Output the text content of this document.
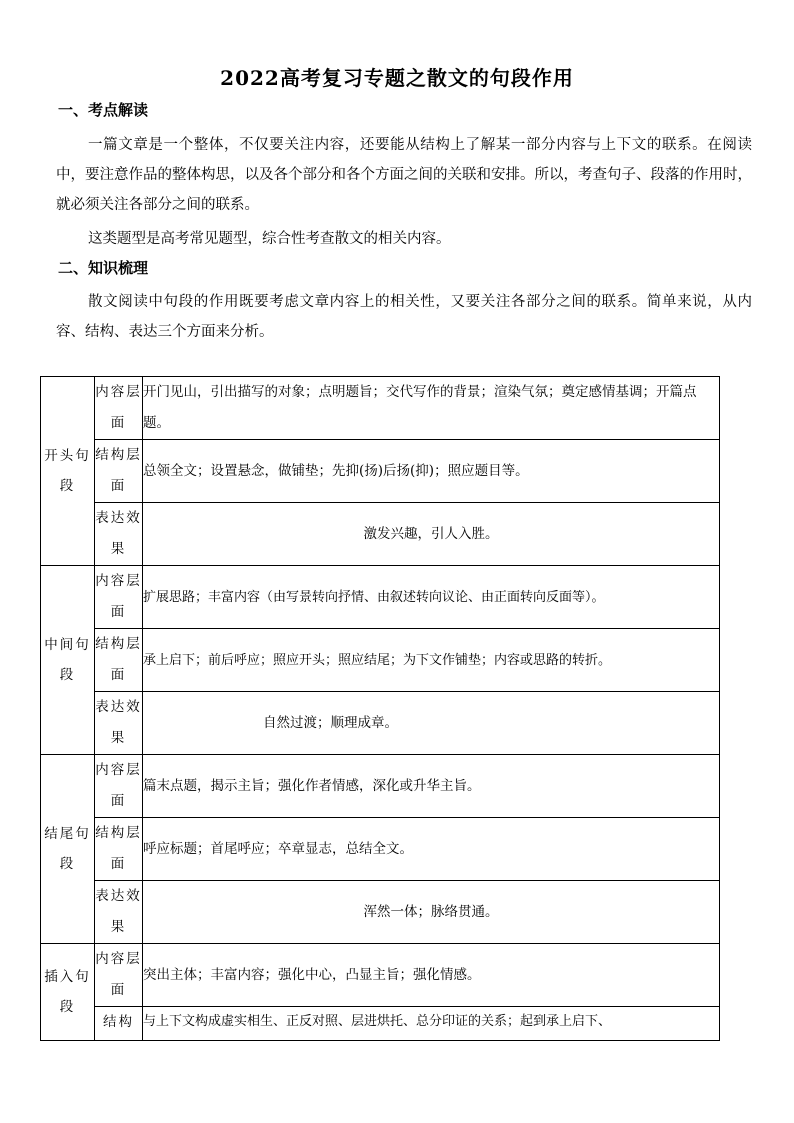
2022高考复习专题之散文的句段作用
一、考点解读
一篇文章是一个整体，不仅要关注内容，还要能从结构上了解某一部分内容与上下文的联系。在阅读中，要注意作品的整体构思，以及各个部分和各个方面之间的关联和安排。所以，考查句子、段落的作用时，就必须关注各部分之间的联系。
这类题型是高考常见题型，综合性考查散文的相关内容。
二、知识梳理
散文阅读中句段的作用既要考虑文章内容上的相关性，又要关注各部分之间的联系。简单来说，从内容、结构、表达三个方面来分析。
开头句段	内容层面	开门见山，引出描写的对象；点明题旨；交代写作的背景；渲染气氛；奠定感情基调；开篇点题。
	结构层面	总领全文；设置悬念，做铺垫；先抑(扬)后扬(抑)；照应题目等。
	表达效果	激发兴趣，引人入胜。
中间句段	内容层面	扩展思路；丰富内容（由写景转向抒情、由叙述转向议论、由正面转向反面等）。
	结构层面	承上启下；前后呼应；照应开头；照应结尾；为下文作铺垫；内容或思路的转折。
	表达效果	自然过渡；顺理成章。
结尾句段	内容层面	篇末点题，揭示主旨；强化作者情感，深化或升华主旨。
	结构层面	呼应标题；首尾呼应；卒章显志，总结全文。
	表达效果	浑然一体；脉络贯通。
插入句段	内容层面	突出主体；丰富内容；强化中心，凸显主旨；强化情感。
	结构	与上下文构成虚实相生、正反对照、层进烘托、总分印证的关系；起到承上启下、
